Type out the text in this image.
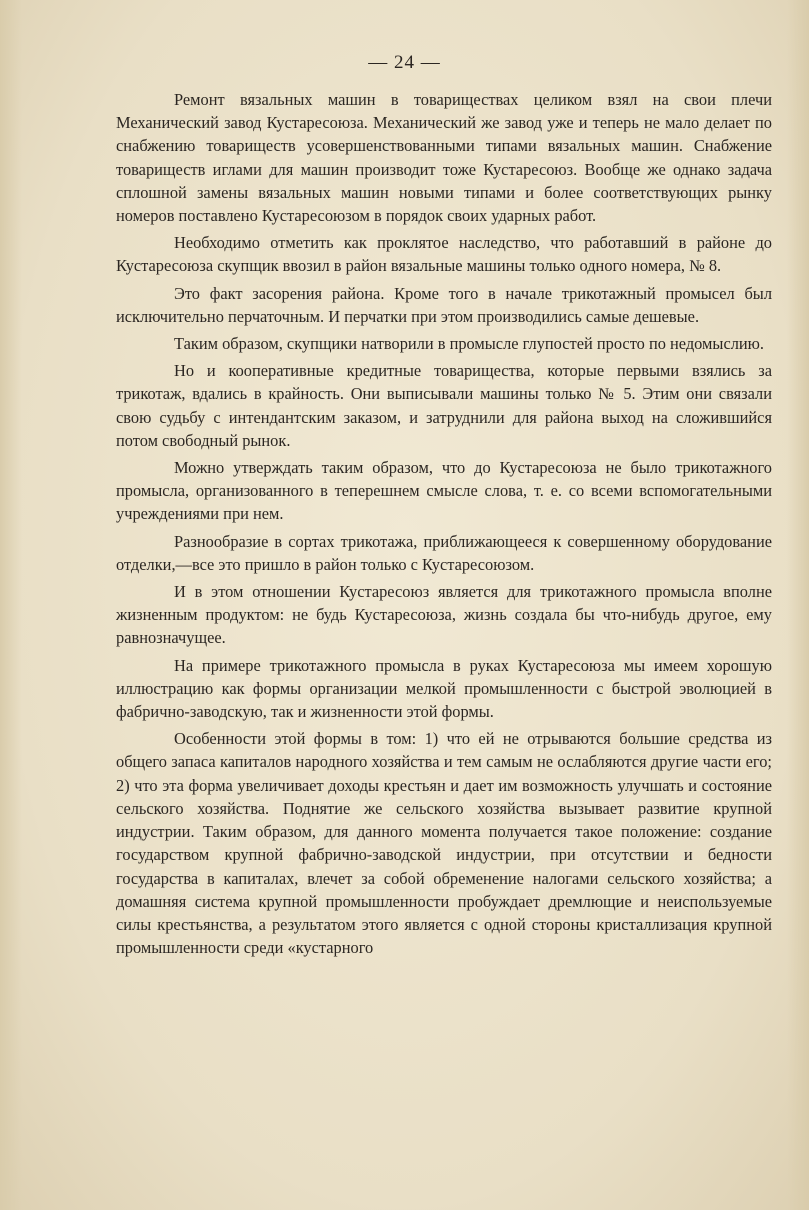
— 24 —

Ремонт вязальных машин в товариществах целиком взял на свои плечи Механический завод Кустаресоюза. Механический же завод уже и теперь не мало делает по снабжению товариществ усовершенствованными типами вязальных машин. Снабжение товариществ иглами для машин производит тоже Кустаресоюз. Вообще же однако задача сплошной замены вязальных машин новыми типами и более соответствующих рынку номеров поставлено Кустаресоюзом в порядок своих ударных работ.

Необходимо отметить как проклятое наследство, что работавший в районе до Кустаресоюза скупщик ввозил в район вязальные машины только одного номера, № 8.

Это факт засорения района. Кроме того в начале трикотажный промысел был исключительно перчаточным. И перчатки при этом производились самые дешевые.

Таким образом, скупщики натворили в промысле глупостей просто по недомыслию.

Но и кооперативные кредитные товарищества, которые первыми взялись за трикотаж, вдались в крайность. Они выписывали машины только № 5. Этим они связали свою судьбу с интендантским заказом, и затруднили для района выход на сложившийся потом свободный рынок.

Можно утверждать таким образом, что до Кустаресоюза не было трикотажного промысла, организованного в теперешнем смысле слова, т. е. со всеми вспомогательными учреждениями при нем.

Разнообразие в сортах трикотажа, приближающееся к совершенному оборудование отделки,—все это пришло в район только с Кустаресоюзом.

И в этом отношении Кустаресоюз является для трикотажного промысла вполне жизненным продуктом: не будь Кустаресоюза, жизнь создала бы что-нибудь другое, ему равнозначущее.

На примере трикотажного промысла в руках Кустаресоюза мы имеем хорошую иллюстрацию как формы организации мелкой промышленности с быстрой эволюцией в фабрично-заводскую, так и жизненности этой формы.

Особенности этой формы в том: 1) что ей не отрываются большие средства из общего запаса капиталов народного хозяйства и тем самым не ослабляются другие части его; 2) что эта форма увеличивает доходы крестьян и дает им возможность улучшать и состояние сельского хозяйства. Поднятие же сельского хозяйства вызывает развитие крупной индустрии. Таким образом, для данного момента получается такое положение: создание государством крупной фабрично-заводской индустрии, при отсутствии и бедности государства в капиталах, влечет за собой обременение налогами сельского хозяйства; а домашняя система крупной промышленности пробуждает дремлющие и неиспользуемые силы крестьянства, а результатом этого является с одной стороны кристаллизация крупной промышленности среди «кустарного
